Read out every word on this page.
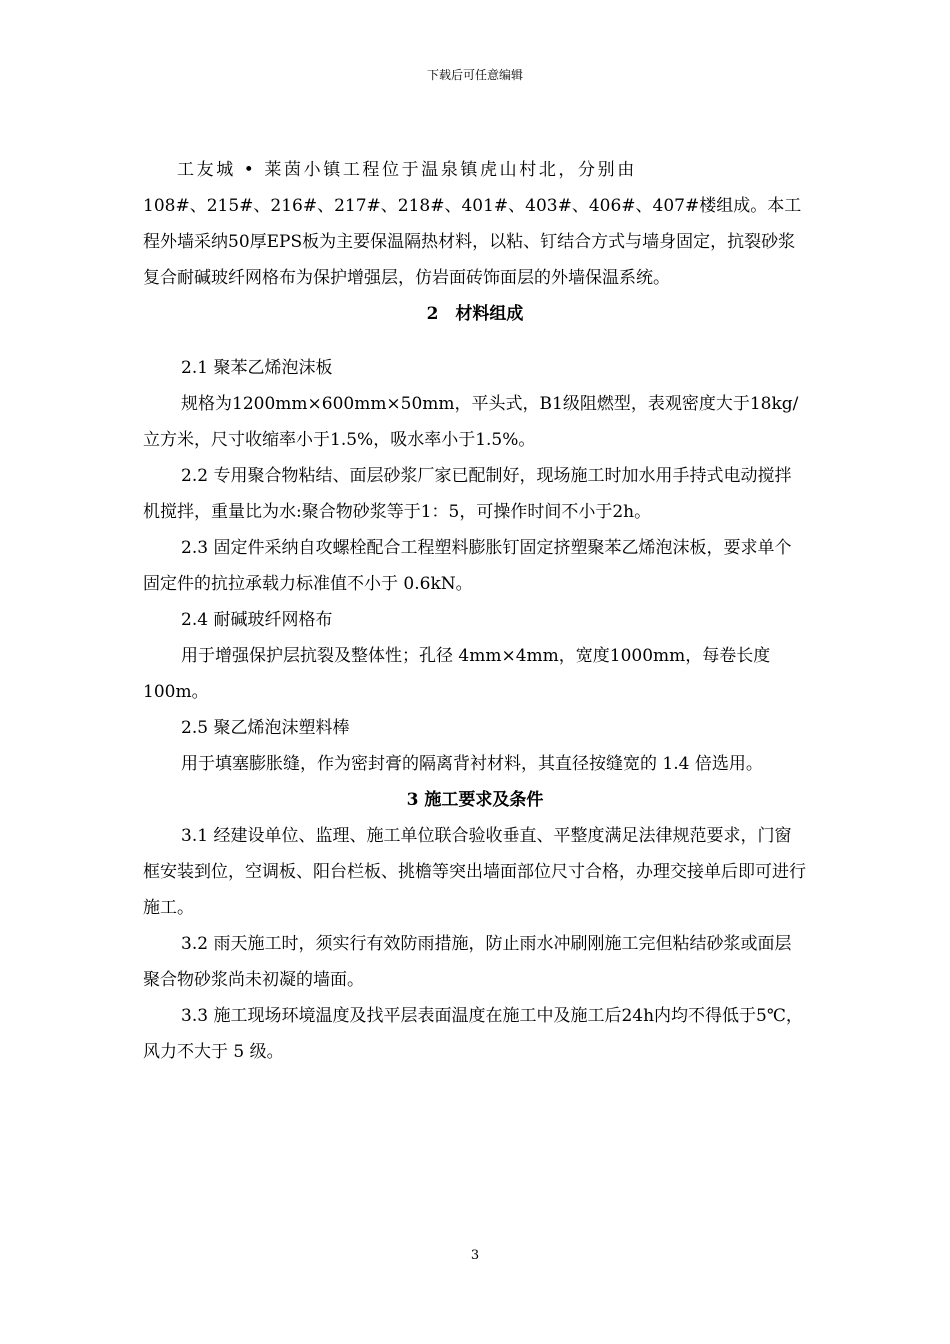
下载后可任意编辑

工友城 • 莱茵小镇工程位于温泉镇虎山村北，分别由

108#、215#、216#、217#、218#、401#、403#、406#、407#楼组成。本工程外墙采纳50厚EPS板为主要保温隔热材料，以粘、钉结合方式与墙身固定，抗裂砂浆复合耐碱玻纤网格布为保护增强层，仿岩面砖饰面层的外墙保温系统。

2　材料组成

2.1 聚苯乙烯泡沫板

规格为1200mm×600mm×50mm，平头式，B1级阻燃型，表观密度大于18kg/立方米，尺寸收缩率小于1.5%，吸水率小于1.5%。

2.2 专用聚合物粘结、面层砂浆厂家已配制好，现场施工时加水用手持式电动搅拌机搅拌，重量比为水:聚合物砂浆等于1：5，可操作时间不小于2h。

2.3 固定件采纳自攻螺栓配合工程塑料膨胀钉固定挤塑聚苯乙烯泡沫板，要求单个固定件的抗拉承载力标准值不小于 0.6kN。

2.4 耐碱玻纤网格布

用于增强保护层抗裂及整体性；孔径 4mm×4mm，宽度1000mm，每卷长度100m。

2.5 聚乙烯泡沫塑料棒

用于填塞膨胀缝，作为密封膏的隔离背衬材料，其直径按缝宽的 1.4 倍选用。

3 施工要求及条件

3.1 经建设单位、监理、施工单位联合验收垂直、平整度满足法律规范要求，门窗框安装到位，空调板、阳台栏板、挑檐等突出墙面部位尺寸合格，办理交接单后即可进行施工。

3.2 雨天施工时，须实行有效防雨措施，防止雨水冲刷刚施工完但粘结砂浆或面层聚合物砂浆尚未初凝的墙面。

3.3 施工现场环境温度及找平层表面温度在施工中及施工后24h内均不得低于5℃，风力不大于 5 级。

3
